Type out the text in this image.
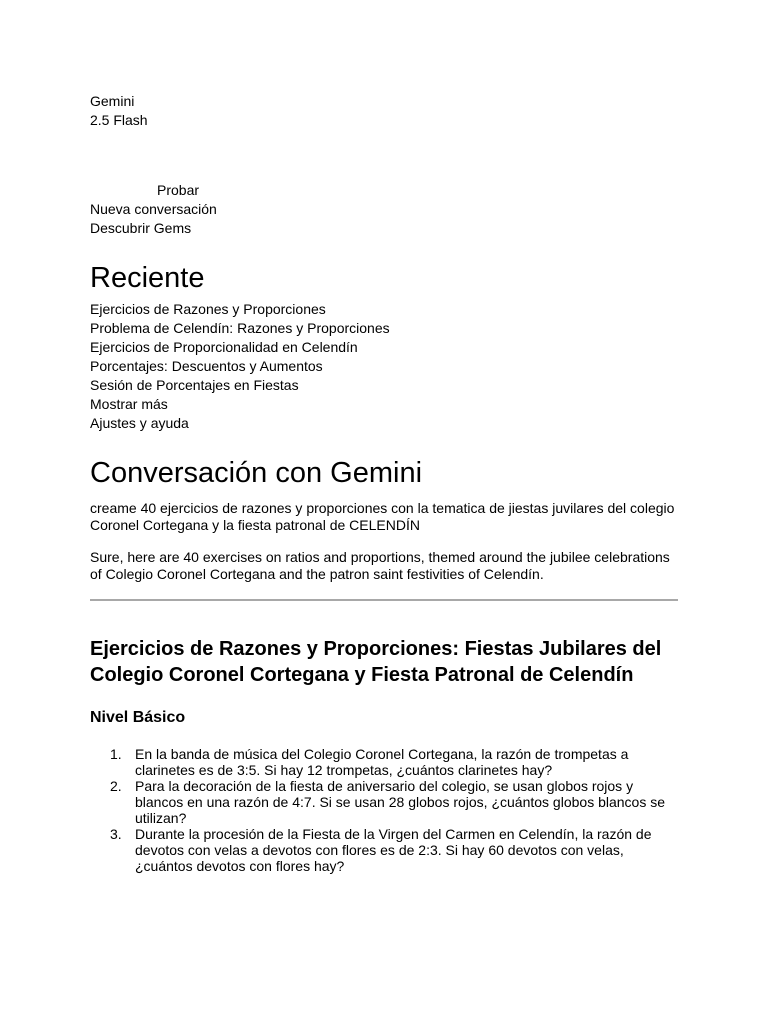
Gemini
2.5 Flash
Probar
Nueva conversación
Descubrir Gems
Reciente
Ejercicios de Razones y Proporciones
Problema de Celendín: Razones y Proporciones
Ejercicios de Proporcionalidad en Celendín
Porcentajes: Descuentos y Aumentos
Sesión de Porcentajes en Fiestas
Mostrar más
Ajustes y ayuda
Conversación con Gemini

creame 40 ejercicios de razones y proporciones con la tematica de jiestas juvilares del colegio Coronel Cortegana y la fiesta patronal de CELENDÍN

Sure, here are 40 exercises on ratios and proportions, themed around the jubilee celebrations of Colegio Coronel Cortegana and the patron saint festivities of Celendín.

Ejercicios de Razones y Proporciones: Fiestas Jubilares del Colegio Coronel Cortegana y Fiesta Patronal de Celendín
Nivel Básico
1. En la banda de música del Colegio Coronel Cortegana, la razón de trompetas a clarinetes es de 3:5. Si hay 12 trompetas, ¿cuántos clarinetes hay?
2. Para la decoración de la fiesta de aniversario del colegio, se usan globos rojos y blancos en una razón de 4:7. Si se usan 28 globos rojos, ¿cuántos globos blancos se utilizan?
3. Durante la procesión de la Fiesta de la Virgen del Carmen en Celendín, la razón de devotos con velas a devotos con flores es de 2:3. Si hay 60 devotos con velas, ¿cuántos devotos con flores hay?
